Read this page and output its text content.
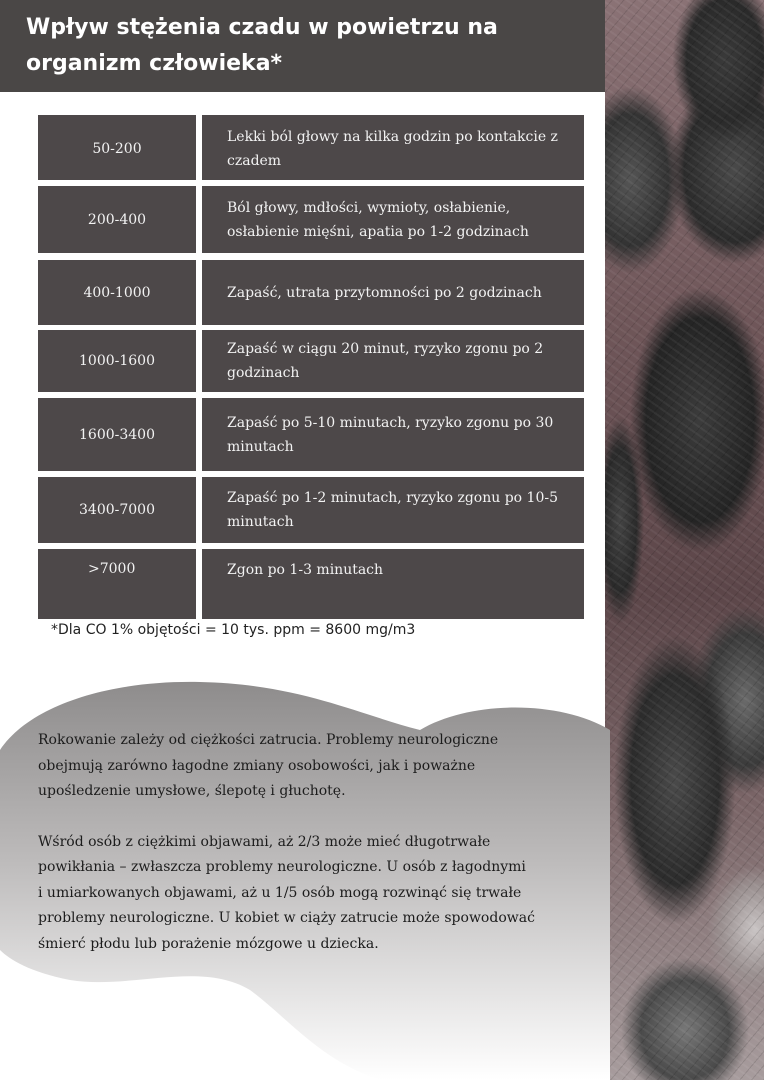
Wpływ stężenia czadu w powietrzu na organizm człowieka*
50-200
Lekki ból głowy na kilka godzin po kontakcie z czadem
200-400
Ból głowy, mdłości, wymioty, osłabienie, osłabienie mięśni, apatia po 1-2 godzinach
400-1000	Zapaść, utrata przytomności po 2 godzinach
1000-1600
Zapaść w ciągu 20 minut, ryzyko zgonu po 2 godzinach
1600-3400
Zapaść po 5-10 minutach, ryzyko zgonu po 30 minutach
3400-7000
Zapaść po 1-2 minutach, ryzyko zgonu po 10-5 minutach
>7000	Zgon po 1-3 minutach
*Dla CO 1% objętości = 10 tys. ppm = 8600 mg/m3

Rokowanie zależy od ciężkości zatrucia. Problemy neurologiczne
obejmują zarówno łagodne zmiany osobowości, jak i poważne
upośledzenie umysłowe, ślepotę i głuchotę.

Wśród osób z ciężkimi objawami, aż 2/3 może mieć długotrwałe
powikłania – zwłaszcza problemy neurologiczne. U osób z łagodnymi
i umiarkowanych objawami, aż u 1/5 osób mogą rozwinąć się trwałe
problemy neurologiczne. U kobiet w ciąży zatrucie może spowodować
śmierć płodu lub porażenie mózgowe u dziecka.
